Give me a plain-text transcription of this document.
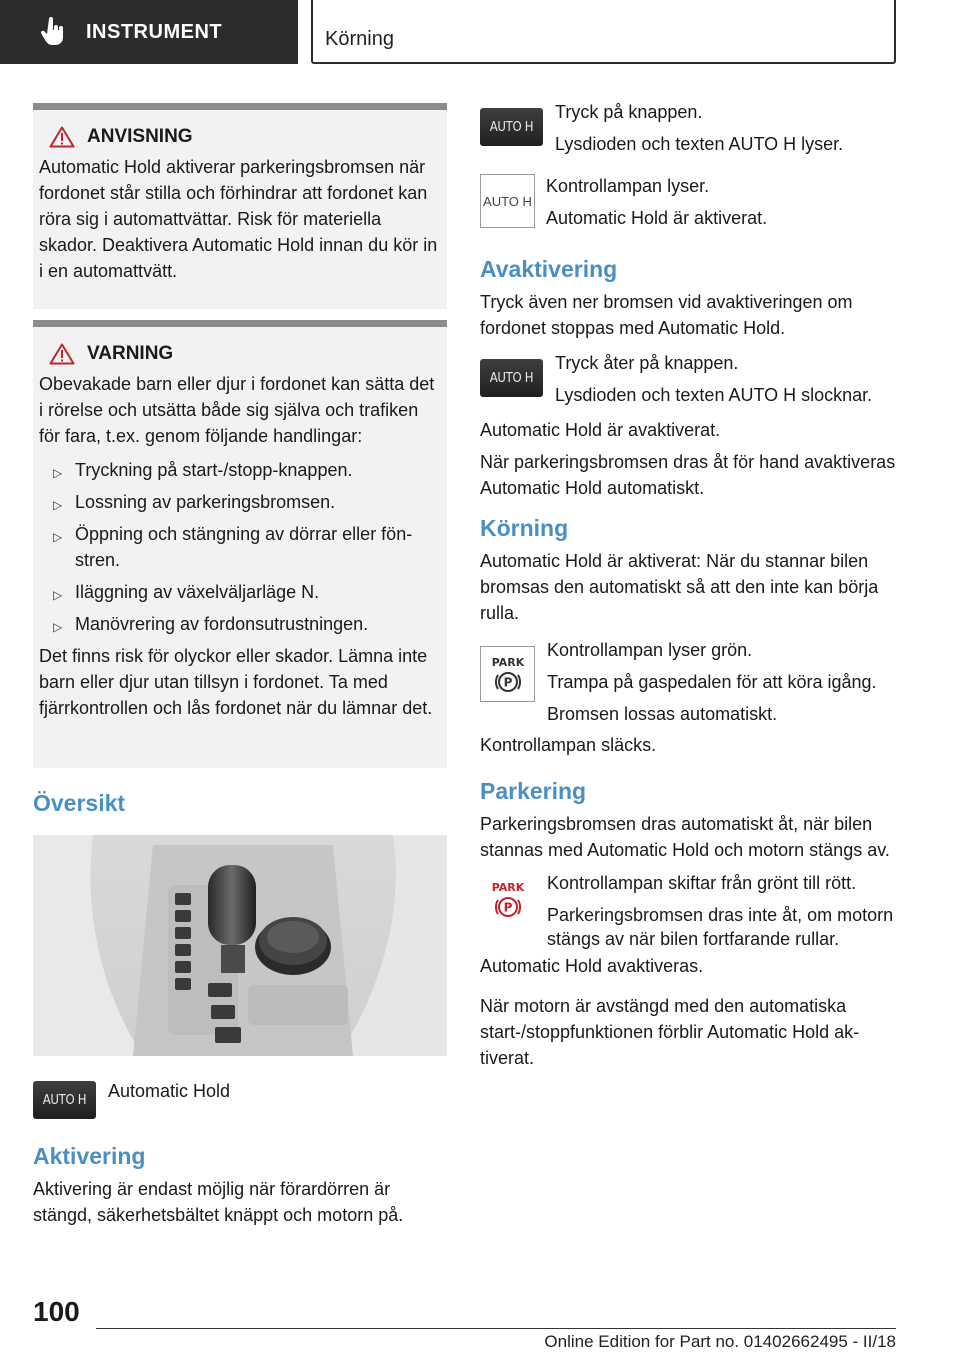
INSTRUMENT	Körning
ANVISNING

Automatic Hold aktiverar parkeringsbromsen när fordonet står stilla och förhindrar att fordonet kan röra sig i automattvättar. Risk för materiella skador. Deaktivera Automatic Hold innan du kör in i en automattvätt.

VARNING

Obevakade barn eller djur i fordonet kan sätta det i rörelse och utsätta både sig själva och trafiken för fara, t.ex. genom följande handlingar:

▷ Tryckning på start-/stopp-knappen.
▷ Lossning av parkeringsbromsen.
▷ Öppning och stängning av dörrar eller fönstren.
▷ Iläggning av växelväljarläge N.
▷ Manövrering av fordonsutrustningen.

Det finns risk för olyckor eller skador. Lämna inte barn eller djur utan tillsyn i fordonet. Ta med fjärrkontrollen och lås fordonet när du lämnar det.

Översikt
AUTO H	Automatic Hold

Aktivering

Aktivering är endast möjlig när förardörren är stängd, säkerhetsbältet knäppt och motorn på.

AUTO H

Tryck på knappen.

Lysdioden och texten AUTO H lyser.

AUTO H

Kontrollampan lyser.

Automatic Hold är aktiverat.

Avaktivering

Tryck även ner bromsen vid avaktiveringen om fordonet stoppas med Automatic Hold.

AUTO H

Tryck åter på knappen.

Lysdioden och texten AUTO H slocknar.

Automatic Hold är avaktiverat.

När parkeringsbromsen dras åt för hand avaktiveras Automatic Hold automatiskt.

Körning

Automatic Hold är aktiverat: När du stannar bilen bromsas den automatiskt så att den inte kan börja rulla.

PARK
P

Kontrollampan lyser grön.

Trampa på gaspedalen för att köra igång.

Bromsen lossas automatiskt.

Kontrollampan släcks.

Parkering

Parkeringsbromsen dras automatiskt åt, när bilen stannas med Automatic Hold och motorn stängs av.

PARK
P

Kontrollampan skiftar från grönt till rött.

Parkeringsbromsen dras inte åt, om motorn stängs av när bilen fortfarande rullar.

Automatic Hold avaktiveras.

När motorn är avstängd med den automatiska start-/stoppfunktionen förblir Automatic Hold aktiverat.

100
Online Edition for Part no. 01402662495 - II/18
